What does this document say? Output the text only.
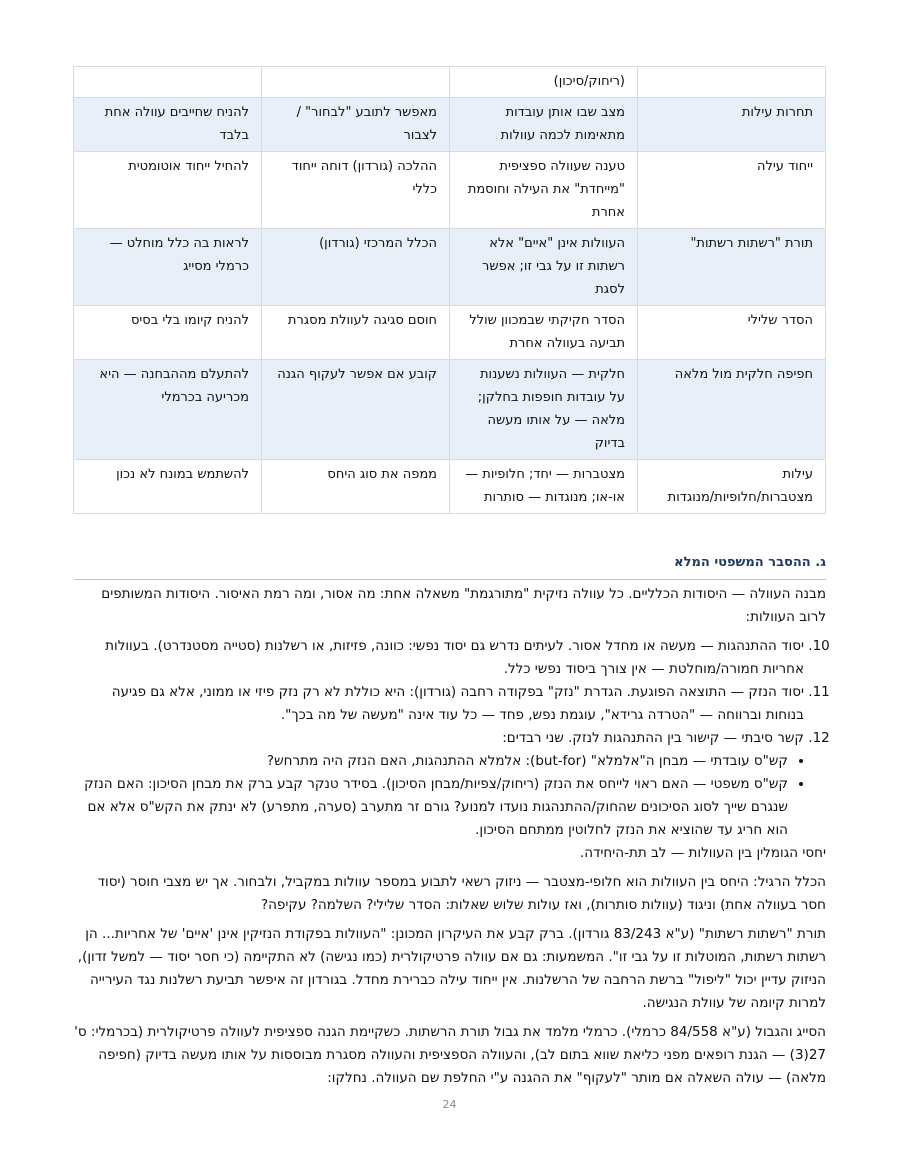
	(ריחוק/סיכון)		
תחרות עילות	מצב שבו אותן עובדות מתאימות לכמה עוולות	מאפשר לתובע "לבחור" / לצבור	להניח שחייבים עוולה אחת בלבד
ייחוד עילה	טענה שעוולה ספציפית "מייחדת" את העילה וחוסמת אחרת	ההלכה (גורדון) דוחה ייחוד כללי	להחיל ייחוד אוטומטית
תורת "רשתות רשתות"	העוולות אינן "איים" אלא רשתות זו על גבי זו; אפשר לסגת	הכלל המרכזי (גורדון)	לראות בה כלל מוחלט — כרמלי מסייג
הסדר שלילי	הסדר חקיקתי שבמכוון שולל תביעה בעוולה אחרת	חוסם סגיגה לעוולת מסגרת	להניח קיומו בלי בסיס
חפיפה חלקית מול מלאה	חלקית — העוולות נשענות על עובדות חופפות בחלקן; מלאה — על אותו מעשה בדיוק	קובע אם אפשר לעקוף הגנה	להתעלם מההבחנה — היא מכריעה בכרמלי
עילות מצטברות/חלופיות/מנוגדות	מצטברות — יחד; חלופיות — או-או; מנוגדות — סותרות	ממפה את סוג היחס	להשתמש במונח לא נכון
ג. ההסבר המשפטי המלא

מבנה העוולה — היסודות הכלליים. כל עוולה נזיקית "מתורגמת" משאלה אחת: מה אסור, ומה רמת האיסור. היסודות המשותפים לרוב העוולות:

10. יסוד ההתנהגות — מעשה או מחדל אסור. לעיתים נדרש גם יסוד נפשי: כוונה, פזיזות, או רשלנות (סטייה מסטנדרט). בעוולות אחריות חמורה/מוחלטת — אין צורך ביסוד נפשי כלל.
11. יסוד הנזק — התוצאה הפוגעת. הגדרת "נזק" בפקודה רחבה (גורדון): היא כוללת לא רק נזק פיזי או ממוני, אלא גם פגיעה בנוחות וברווחה — "הטרדה גרידא", עוגמת נפש, פחד — כל עוד אינה "מעשה של מה בכך".
12. קשר סיבתי — קישור בין ההתנהגות לנזק. שני רבדים:
• קש"ס עובדתי — מבחן ה"אלמלא" (but-for): אלמלא ההתנהגות, האם הנזק היה מתרחש?
• קש"ס משפטי — האם ראוי לייחס את הנזק (ריחוק/צפיות/מבחן הסיכון). בסידר טנקר קבע ברק את מבחן הסיכון: האם הנזק שנגרם שייך לסוג הסיכונים שהחוק/ההתנהגות נועדו למנוע? גורם זר מתערב (סערה, מתפרע) לא ינתק את הקש"ס אלא אם הוא חריג עד שהוציא את הנזק לחלוטין ממתחם הסיכון.

יחסי הגומלין בין העוולות — לב תת-היחידה.

הכלל הרגיל: היחס בין העוולות הוא חלופי-מצטבר — ניזוק רשאי לתבוע במספר עוולות במקביל, ולבחור. אך יש מצבי חוסר (יסוד חסר בעוולה אחת) וניגוד (עוולות סותרות), ואז עולות שלוש שאלות: הסדר שלילי? השלמה? עקיפה?

תורת "רשתות רשתות" (ע"א 83/243 גורדון). ברק קבע את העיקרון המכונן: "העוולות בפקודת הנזיקין אינן 'איים' של אחריות... הן רשתות רשתות, המוטלות זו על גבי זו". המשמעות: גם אם עוולה פרטיקולרית (כמו נגישה) לא התקיימה (כי חסר יסוד — למשל זדון), הניזוק עדיין יכול "ליפול" ברשת הרחבה של הרשלנות. אין ייחוד עילה כברירת מחדל. בגורדון זה איפשר תביעת רשלנות נגד העירייה למרות קיומה של עוולת הנגישה.

הסייג והגבול (ע"א 84/558 כרמלי). כרמלי מלמד את גבול תורת הרשתות. כשקיימת הגנה ספציפית לעוולה פרטיקולרית (בכרמלי: ס' 27(3) — הגנת רופאים מפני כליאת שווא בתום לב), והעוולה הספציפית והעוולה מסגרת מבוססות על אותו מעשה בדיוק (חפיפה מלאה) — עולה השאלה אם מותר "לעקוף" את ההגנה ע"י החלפת שם העוולה. נחלקו:

24
